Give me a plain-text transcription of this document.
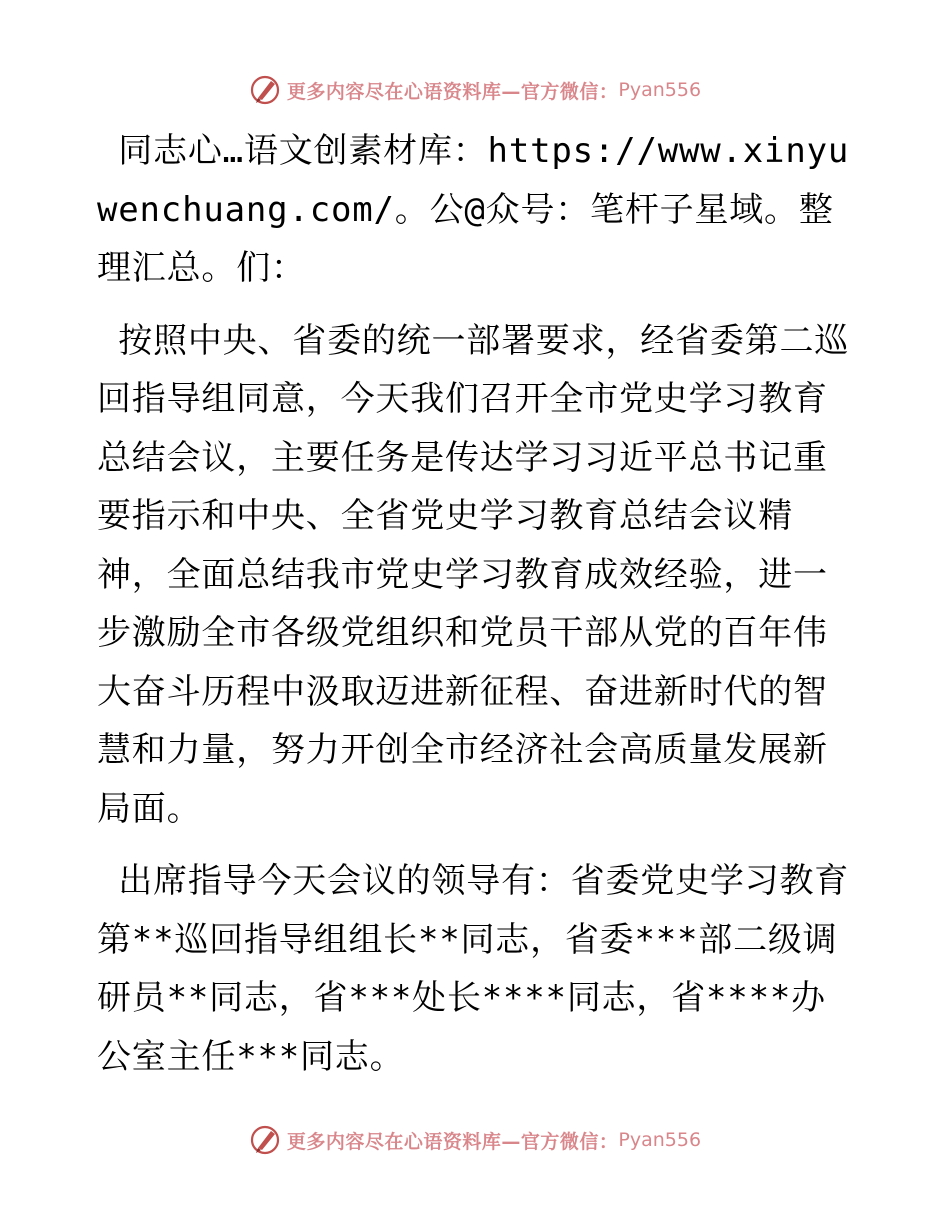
更多内容尽在心语资料库—官方微信： Pyan556

同志心…语文创素材库：https://www.xinyuwenchuang.com/。公@众号：笔杆子星域。整理汇总。们：

按照中央、省委的统一部署要求，经省委第二巡回指导组同意，今天我们召开全市党史学习教育总结会议，主要任务是传达学习习近平总书记重要指示和中央、全省党史学习教育总结会议精神，全面总结我市党史学习教育成效经验，进一步激励全市各级党组织和党员干部从党的百年伟大奋斗历程中汲取迈进新征程、奋进新时代的智慧和力量，努力开创全市经济社会高质量发展新局面。

出席指导今天会议的领导有：省委党史学习教育第**巡回指导组组长**同志，省委***部二级调研员**同志，省***处长****同志，省****办公室主任***同志。

更多内容尽在心语资料库—官方微信： Pyan556
